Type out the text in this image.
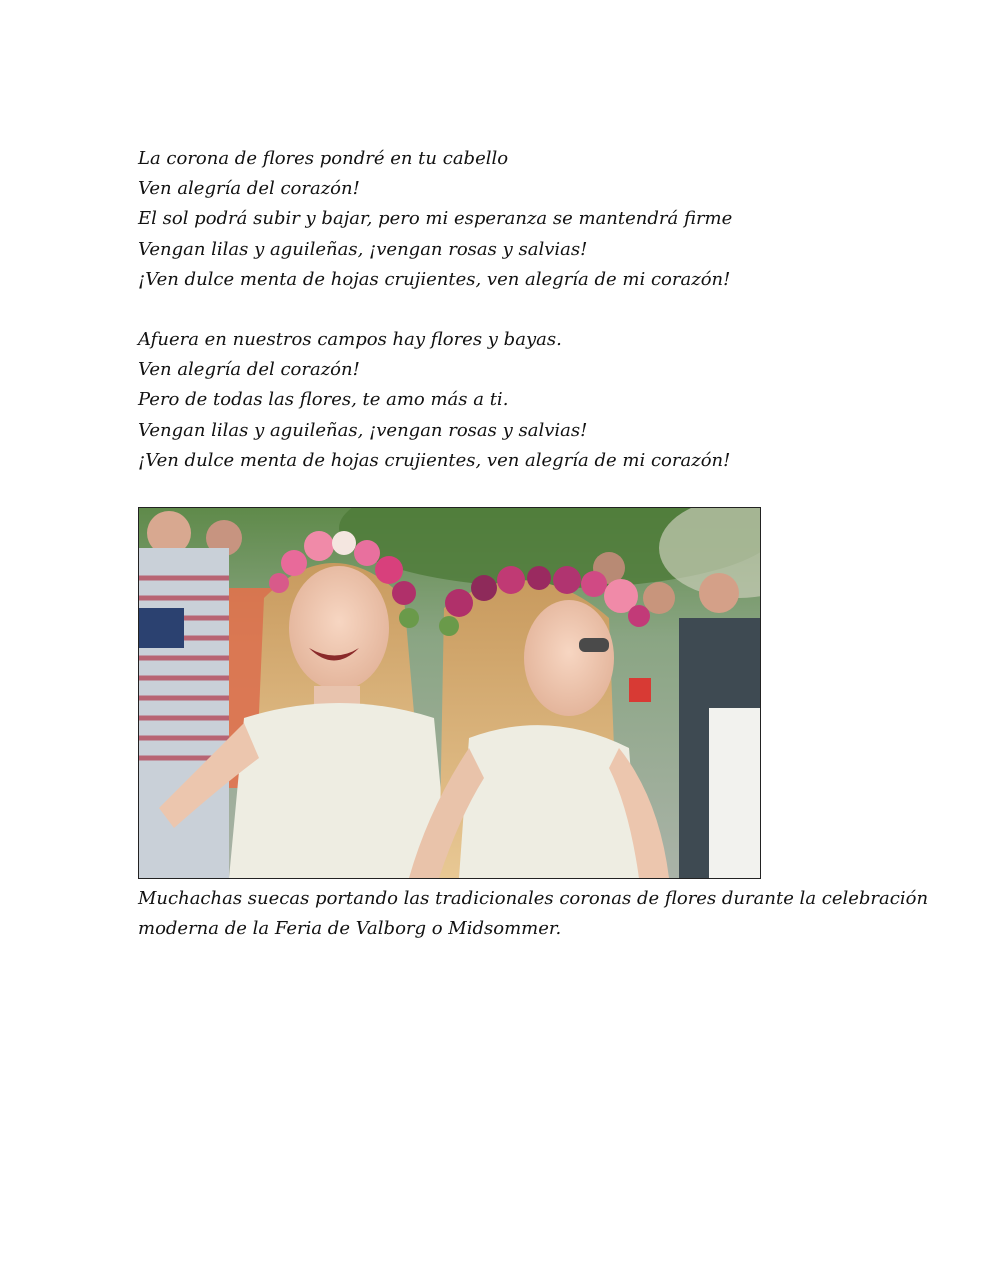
La corona de flores pondré en tu cabello
Ven alegría del corazón!
El sol podrá subir y bajar, pero mi esperanza se mantendrá firme
Vengan lilas y aguileñas, ¡vengan rosas y salvias!
¡Ven dulce menta de hojas crujientes, ven alegría de mi corazón!
Afuera en nuestros campos hay flores y bayas.
Ven alegría del corazón!
Pero de todas las flores, te amo más a ti.
Vengan lilas y aguileñas, ¡vengan rosas y salvias!
¡Ven dulce menta de hojas crujientes, ven alegría de mi corazón!
Muchachas suecas portando las tradicionales coronas de flores durante la celebración
moderna de la Feria de Valborg o Midsommer.
